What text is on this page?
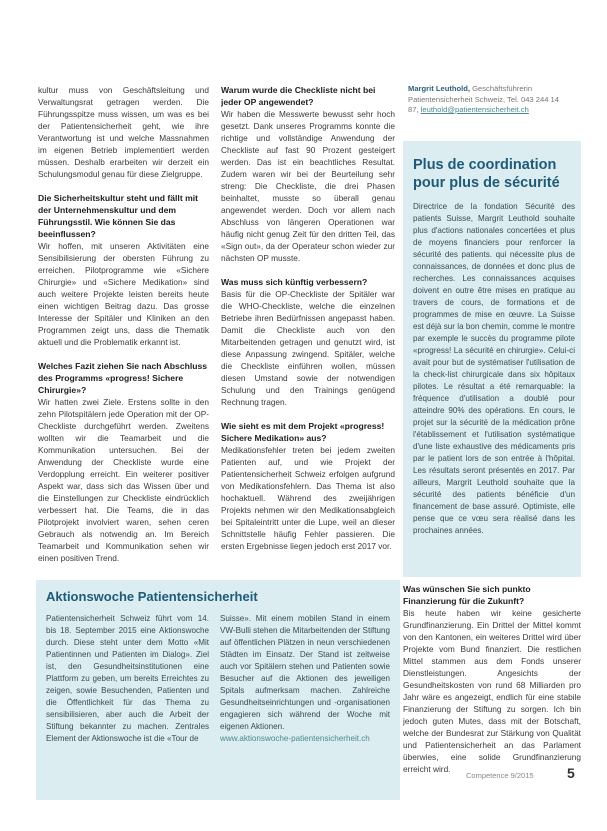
kultur muss von Geschäftsleitung und Verwaltungsrat getragen werden. Die Führungsspitze muss wissen, um was es bei der Patientensicherheit geht, wie ihre Verantwortung ist und welche Massnahmen im eigenen Betrieb implementiert werden müssen. Deshalb erarbeiten wir derzeit ein Schulungsmodul genau für diese Zielgruppe.

Die Sicherheitskultur steht und fällt mit der Unternehmenskultur und dem Führungsstil. Wie können Sie das beeinflussen?

Wir hoffen, mit unseren Aktivitäten eine Sensibilisierung der obersten Führung zu erreichen. Pilotprogramme wie «Sichere Chirurgie» und «Sichere Medikation» sind auch weitere Projekte leisten bereits heute einen wichtigen Beitrag dazu. Das grosse Interesse der Spitäler und Kliniken an den Programmen zeigt uns, dass die Thematik aktuell und die Problematik erkannt ist.

Welches Fazit ziehen Sie nach Abschluss des Programms «progress! Sichere Chirurgie»?

Wir hatten zwei Ziele. Erstens sollte in den zehn Pilotspitälern jede Operation mit der OP-Checkliste durchgeführt werden. Zweitens wollten wir die Teamarbeit und die Kommunikation untersuchen. Bei der Anwendung der Checkliste wurde eine Verdopplung erreicht. Ein weiterer positiver Aspekt war, dass sich das Wissen über und die Einstellungen zur Checkliste eindrücklich verbessert hat. Die Teams, die in das Pilotprojekt involviert waren, sehen ceren Gebrauch als notwendig an. Im Bereich Teamarbeit und Kommunikation sehen wir einen positiven Trend.

Warum wurde die Checkliste nicht bei jeder OP angewendet?

Wir haben die Messwerte bewusst sehr hoch gesetzt. Dank unseres Programms konnte die richtige und vollständige Anwendung der Checkliste auf fast 90 Prozent gesteigert werden. Das ist ein beachtliches Resultat. Zudem waren wir bei der Beurteilung sehr streng: Die Checkliste, die drei Phasen beinhaltet, musste so überall genau angewendet werden. Doch vor allem nach Abschluss von längeren Operationen war häufig nicht genug Zeit für den dritten Teil, das «Sign out», da der Operateur schon wieder zur nächsten OP musste.

Was muss sich künftig verbessern?

Basis für die OP-Checkliste der Spitäler war die WHO-Checkliste, welche die einzelnen Betriebe ihren Bedürfnissen angepasst haben. Damit die Checkliste auch von den Mitarbeitenden getragen und genutzt wird, ist diese Anpassung zwingend. Spitäler, welche die Checkliste einführen wollen, müssen diesen Umstand sowie der notwendigen Schulung und den Trainings genügend Rechnung tragen.

Wie sieht es mit dem Projekt «progress! Sichere Medikation» aus?

Medikationsfehler treten bei jedem zweiten Patienten auf, und wie Projekt der Patientensicherheit Schweiz erfolgen aufgrund von Medikationsfehlern. Das Thema ist also hochaktuell. Während des zweijährigen Projekts nehmen wir den Medikationsabgleich bei Spitaleintritt unter die Lupe, weil an dieser Schnittstelle häufig Fehler passieren. Die ersten Ergebnisse liegen jedoch erst 2017 vor.

Margrit Leuthold, Geschäftsführerin Patientensicherheit Schweiz, Tel. 043 244 14 87, leuthold@patientensicherheit.ch
Plus de coordination pour plus de sécurité

Directrice de la fondation Sécurité des patients Suisse, Margrit Leuthold souhaite plus d'actions nationales concertées et plus de moyens financiers pour renforcer la sécurité des patients. qui nécessite plus de connaissances, de données et donc plus de recherches. Les connaissances acquises doivent en outre être mises en pratique au travers de cours, de formations et de programmes de mise en œuvre. La Suisse est déjà sur la bon chemin, comme le montre par exemple le succès du programme pilote «progress! La sécurité en chirurgie». Celui-ci avait pour but de systématiser l'utilisation de la check-list chirurgicale dans six hôpitaux pilotes. Le résultat a été remarquable: la fréquence d'utilisation a doublé pour atteindre 90% des opérations. En cours, le projet sur la sécurité de la médication prône l'établissement et l'utilisation systématique d'une liste exhaustive des médicaments pris par le patient lors de son entrée à l'hôpital. Les résultats seront présentés en 2017. Par ailleurs, Margrit Leuthold souhaite que la sécurité des patients bénéficie d'un financement de base assuré. Optimiste, elle pense que ce vœu sera réalisé dans les prochaines années.

Aktionswoche Patientensicherheit

Patientensicherheit Schweiz führt vom 14. bis 18. September 2015 eine Aktionswoche durch. Diese steht unter dem Motto «Mit Patientinnen und Patienten im Dialog». Ziel ist, den Gesundheitsinstitutionen eine Plattform zu geben, um bereits Erreichtes zu zeigen, sowie Besuchenden, Patienten und die Öffentlichkeit für das Thema zu sensibilisieren, aber auch die Arbeit der Stiftung bekannter zu machen. Zentrales Element der Aktionswoche ist die «Tour de

Suisse». Mit einem mobilen Stand in einem VW-Bulli stehen die Mitarbeitenden der Stiftung auf öffentlichen Plätzen in neun verschiedenen Städten im Einsatz. Der Stand ist zeitweise auch vor Spitälern stehen und Patienten sowie Besucher auf die Aktionen des jeweiligen Spitals aufmerksam machen. Zahlreiche Gesundheitseinrichtungen und -organisationen engagieren sich während der Woche mit eigenen Aktionen.

www.aktionswoche-patientensicherheit.ch
Was wünschen Sie sich punkto Finanzierung für die Zukunft?

Bis heute haben wir keine gesicherte Grundfinanzierung. Ein Drittel der Mittel kommt von den Kantonen, ein weiteres Drittel wird über Projekte vom Bund finanziert. Die restlichen Mittel stammen aus dem Fonds unserer Dienstleistungen. Angesichts der Gesundheitskosten von rund 68 Milliarden pro Jahr wäre es angezeigt, endlich für eine stabile Finanzierung der Stiftung zu sorgen. Ich bin jedoch guten Mutes, dass mit der Botschaft, welche der Bundesrat zur Stärkung von Qualität und Patientensicherheit an das Parlament überwies, eine solide Grundfinanzierung erreicht wird.

Competence 9/2015 5
